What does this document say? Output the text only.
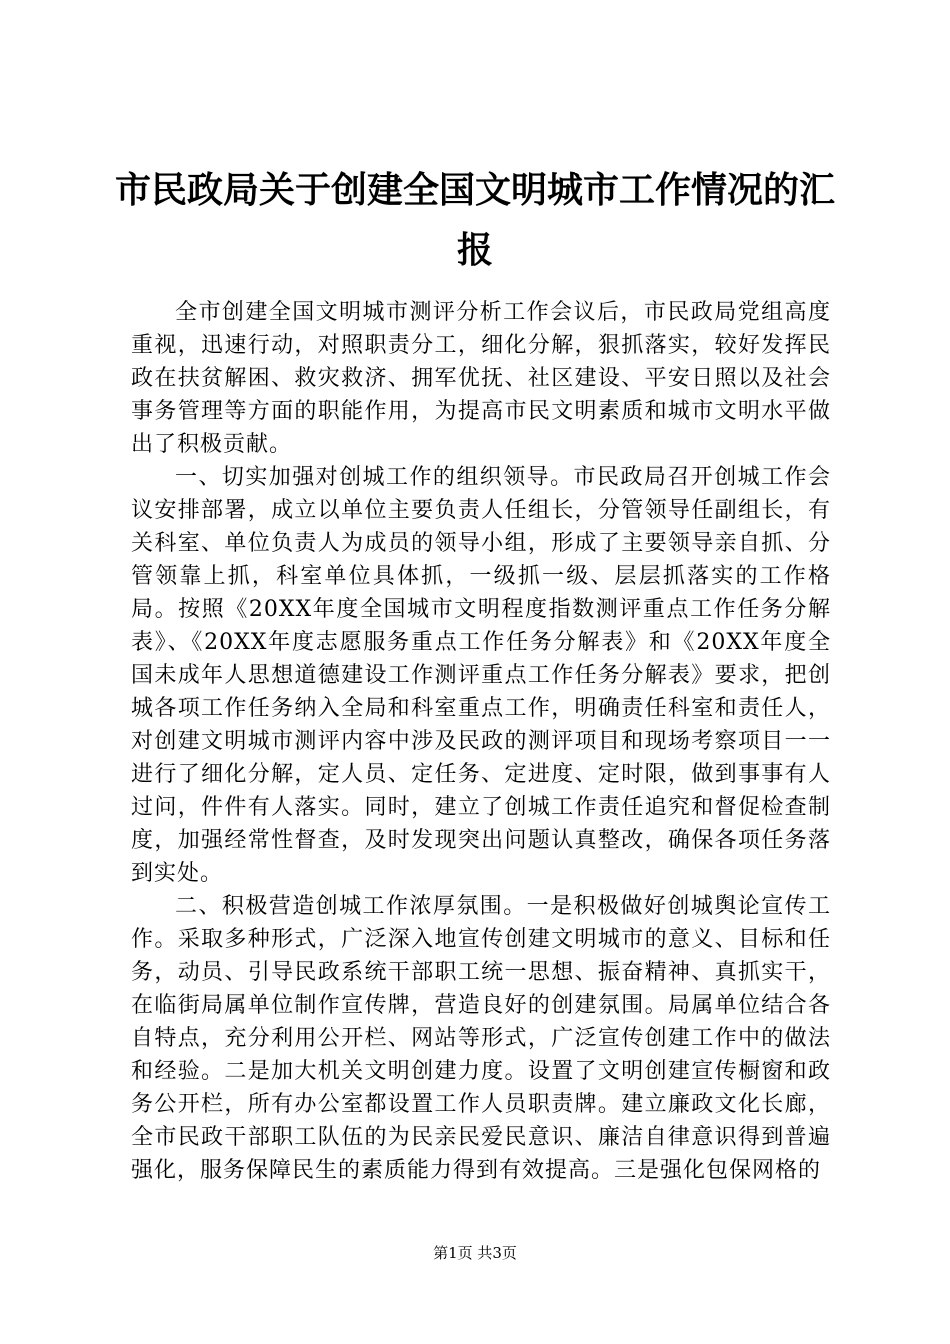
市民政局关于创建全国文明城市工作情况的汇报

全市创建全国文明城市测评分析工作会议后，市民政局党组高度重视，迅速行动，对照职责分工，细化分解，狠抓落实，较好发挥民政在扶贫解困、救灾救济、拥军优抚、社区建设、平安日照以及社会事务管理等方面的职能作用，为提高市民文明素质和城市文明水平做出了积极贡献。

一、切实加强对创城工作的组织领导。市民政局召开创城工作会议安排部署，成立以单位主要负责人任组长，分管领导任副组长，有关科室、单位负责人为成员的领导小组，形成了主要领导亲自抓、分管领靠上抓，科室单位具体抓，一级抓一级、层层抓落实的工作格局。按照《20XX年度全国城市文明程度指数测评重点工作任务分解表》、《20XX年度志愿服务重点工作任务分解表》和《20XX年度全国未成年人思想道德建设工作测评重点工作任务分解表》要求，把创城各项工作任务纳入全局和科室重点工作，明确责任科室和责任人，对创建文明城市测评内容中涉及民政的测评项目和现场考察项目一一进行了细化分解，定人员、定任务、定进度、定时限，做到事事有人过问，件件有人落实。同时，建立了创城工作责任追究和督促检查制度，加强经常性督查，及时发现突出问题认真整改，确保各项任务落到实处。

二、积极营造创城工作浓厚氛围。一是积极做好创城舆论宣传工作。采取多种形式，广泛深入地宣传创建文明城市的意义、目标和任务，动员、引导民政系统干部职工统一思想、振奋精神、真抓实干，在临街局属单位制作宣传牌，营造良好的创建氛围。局属单位结合各自特点，充分利用公开栏、网站等形式，广泛宣传创建工作中的做法和经验。二是加大机关文明创建力度。设置了文明创建宣传橱窗和政务公开栏，所有办公室都设置工作人员职责牌。建立廉政文化长廊，全市民政干部职工队伍的为民亲民爱民意识、廉洁自律意识得到普遍强化，服务保障民生的素质能力得到有效提高。三是强化包保网格的

第1页 共3页
